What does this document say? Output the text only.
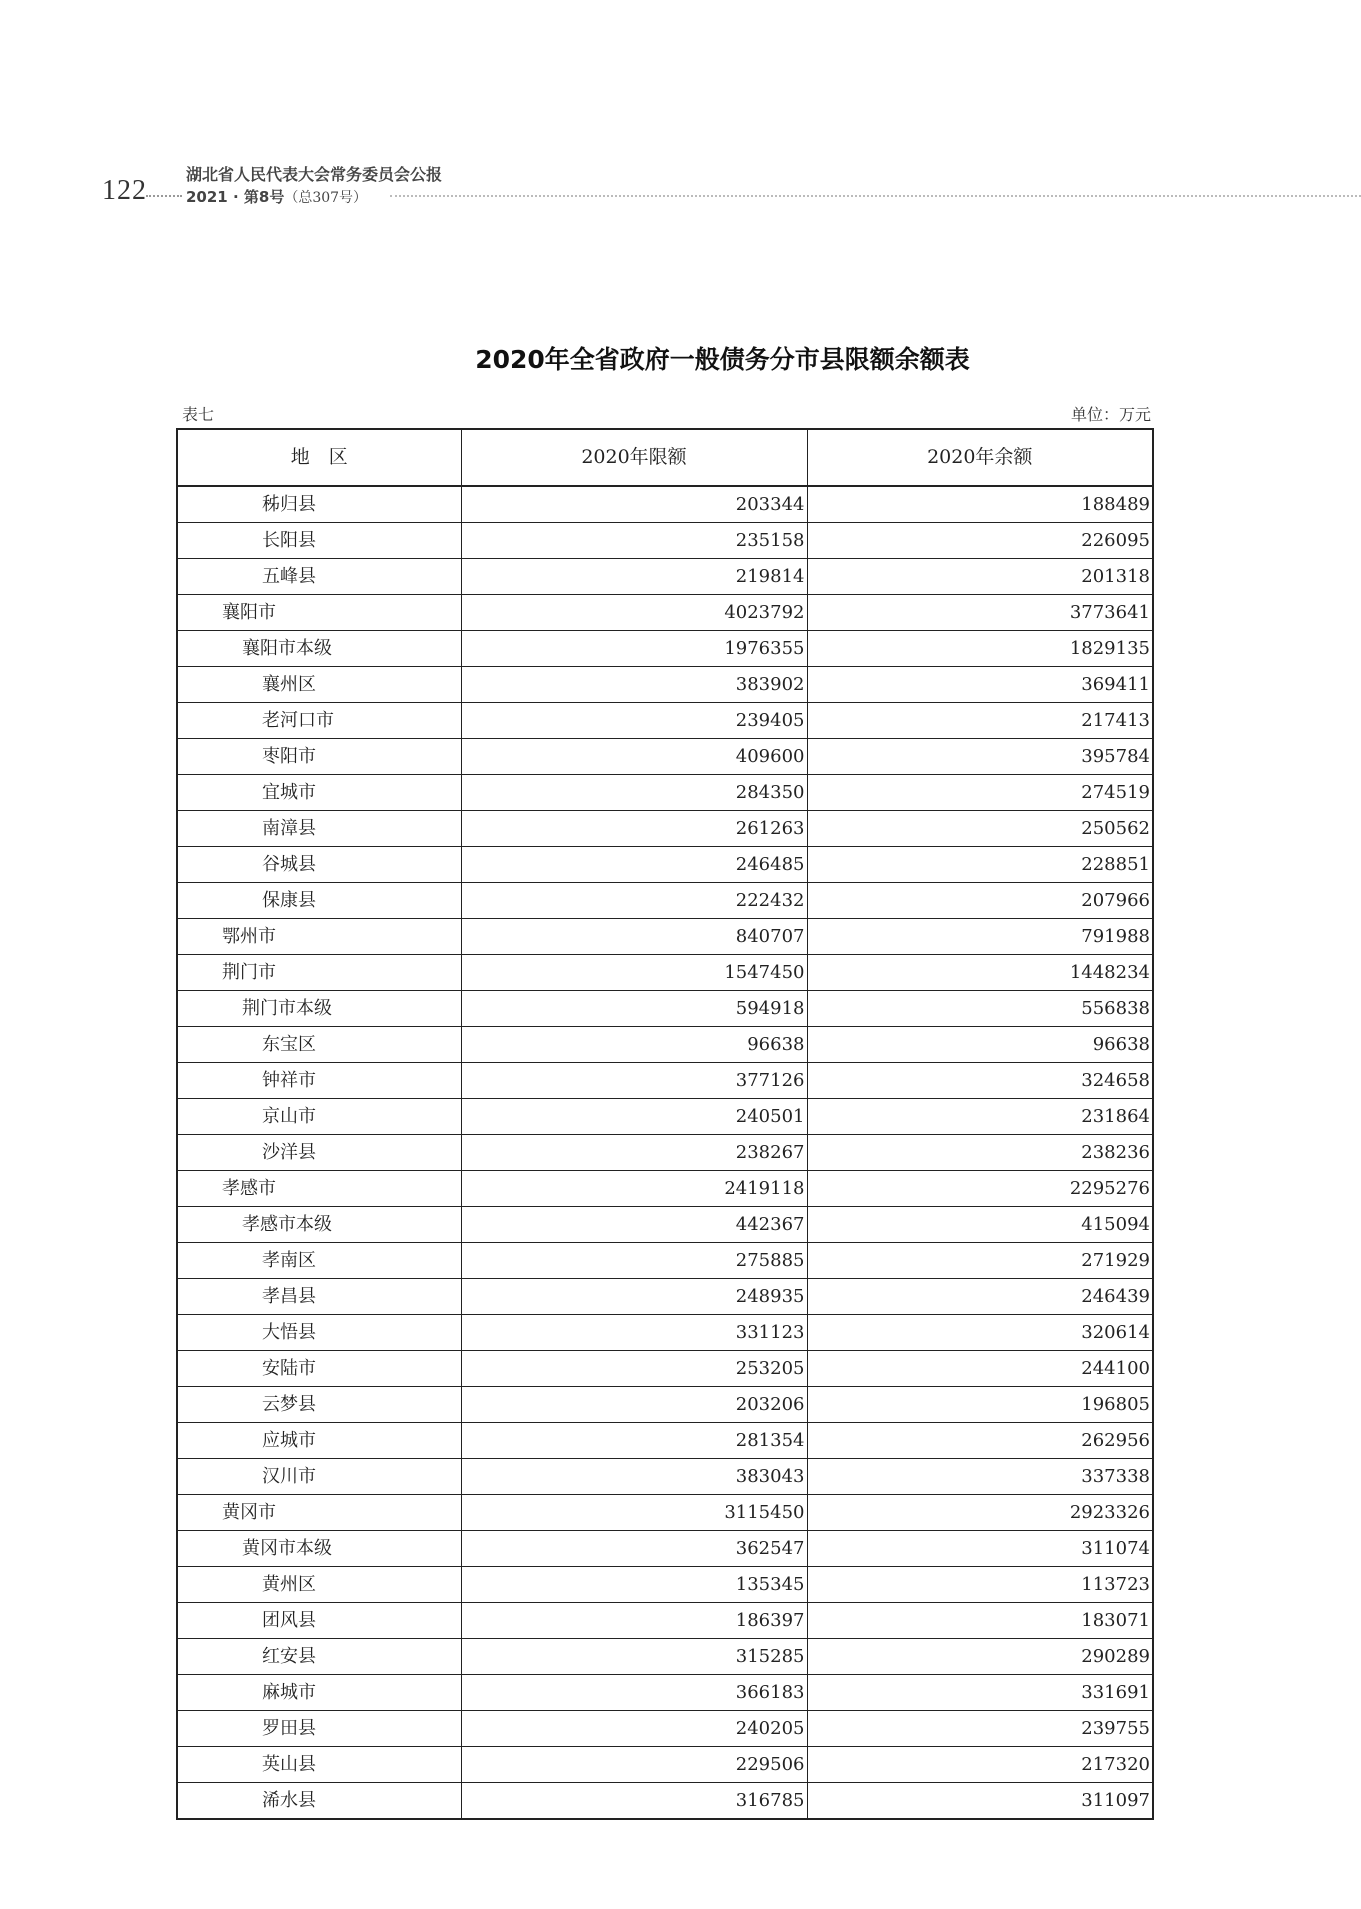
122
湖北省人民代表大会常务委员会公报
2021 · 第8号（总307号）
2020年全省政府一般债务分市县限额余额表
表七	单位：万元
地　区	2020年限额	2020年余额
秭归县	203344	188489
长阳县	235158	226095
五峰县	219814	201318
襄阳市	4023792	3773641
襄阳市本级	1976355	1829135
襄州区	383902	369411
老河口市	239405	217413
枣阳市	409600	395784
宜城市	284350	274519
南漳县	261263	250562
谷城县	246485	228851
保康县	222432	207966
鄂州市	840707	791988
荆门市	1547450	1448234
荆门市本级	594918	556838
东宝区	96638	96638
钟祥市	377126	324658
京山市	240501	231864
沙洋县	238267	238236
孝感市	2419118	2295276
孝感市本级	442367	415094
孝南区	275885	271929
孝昌县	248935	246439
大悟县	331123	320614
安陆市	253205	244100
云梦县	203206	196805
应城市	281354	262956
汉川市	383043	337338
黄冈市	3115450	2923326
黄冈市本级	362547	311074
黄州区	135345	113723
团风县	186397	183071
红安县	315285	290289
麻城市	366183	331691
罗田县	240205	239755
英山县	229506	217320
浠水县	316785	311097
